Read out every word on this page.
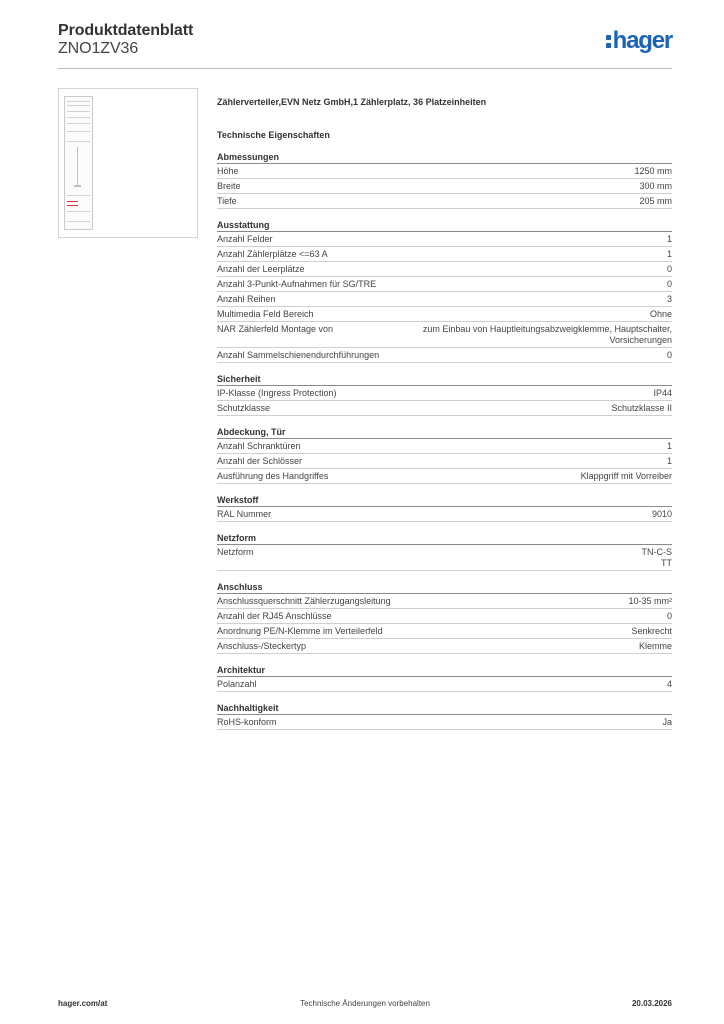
Produktdatenblatt
ZNO1ZV36	hager
Zählerverteiler,EVN Netz GmbH,1 Zählerplatz, 36 Platzeinheiten
Technische Eigenschaften
Abmessungen
Höhe	1250 mm
Breite	300 mm
Tiefe	205 mm
Ausstattung
Anzahl Felder	1
Anzahl Zählerplätze <=63 A	1
Anzahl der Leerplätze	0
Anzahl 3-Punkt-Aufnahmen für SG/TRE	0
Anzahl Reihen	3
Multimedia Feld Bereich	Ohne
NAR Zählerfeld Montage von	zum Einbau von Hauptleitungsabzweigklemme, Hauptschalter,
Vorsicherungen
Anzahl Sammelschienendurchführungen	0
Sicherheit
IP-Klasse (Ingress Protection)	IP44
Schutzklasse	Schutzklasse II
Abdeckung, Tür
Anzahl Schranktüren	1
Anzahl der Schlösser	1
Ausführung des Handgriffes	Klappgriff mit Vorreiber
Werkstoff
RAL Nummer	9010
Netzform
Netzform	TN-C-S
TT
Anschluss
Anschlussquerschnitt Zählerzugangsleitung	10-35 mm²
Anzahl der RJ45 Anschlüsse	0
Anordnung PE/N-Klemme im Verteilerfeld	Senkrecht
Anschluss-/Steckertyp	Klemme
Architektur
Polanzahl	4
Nachhaltigkeit
RoHS-konform	Ja
hager.com/at	Technische Änderungen vorbehalten	20.03.2026
